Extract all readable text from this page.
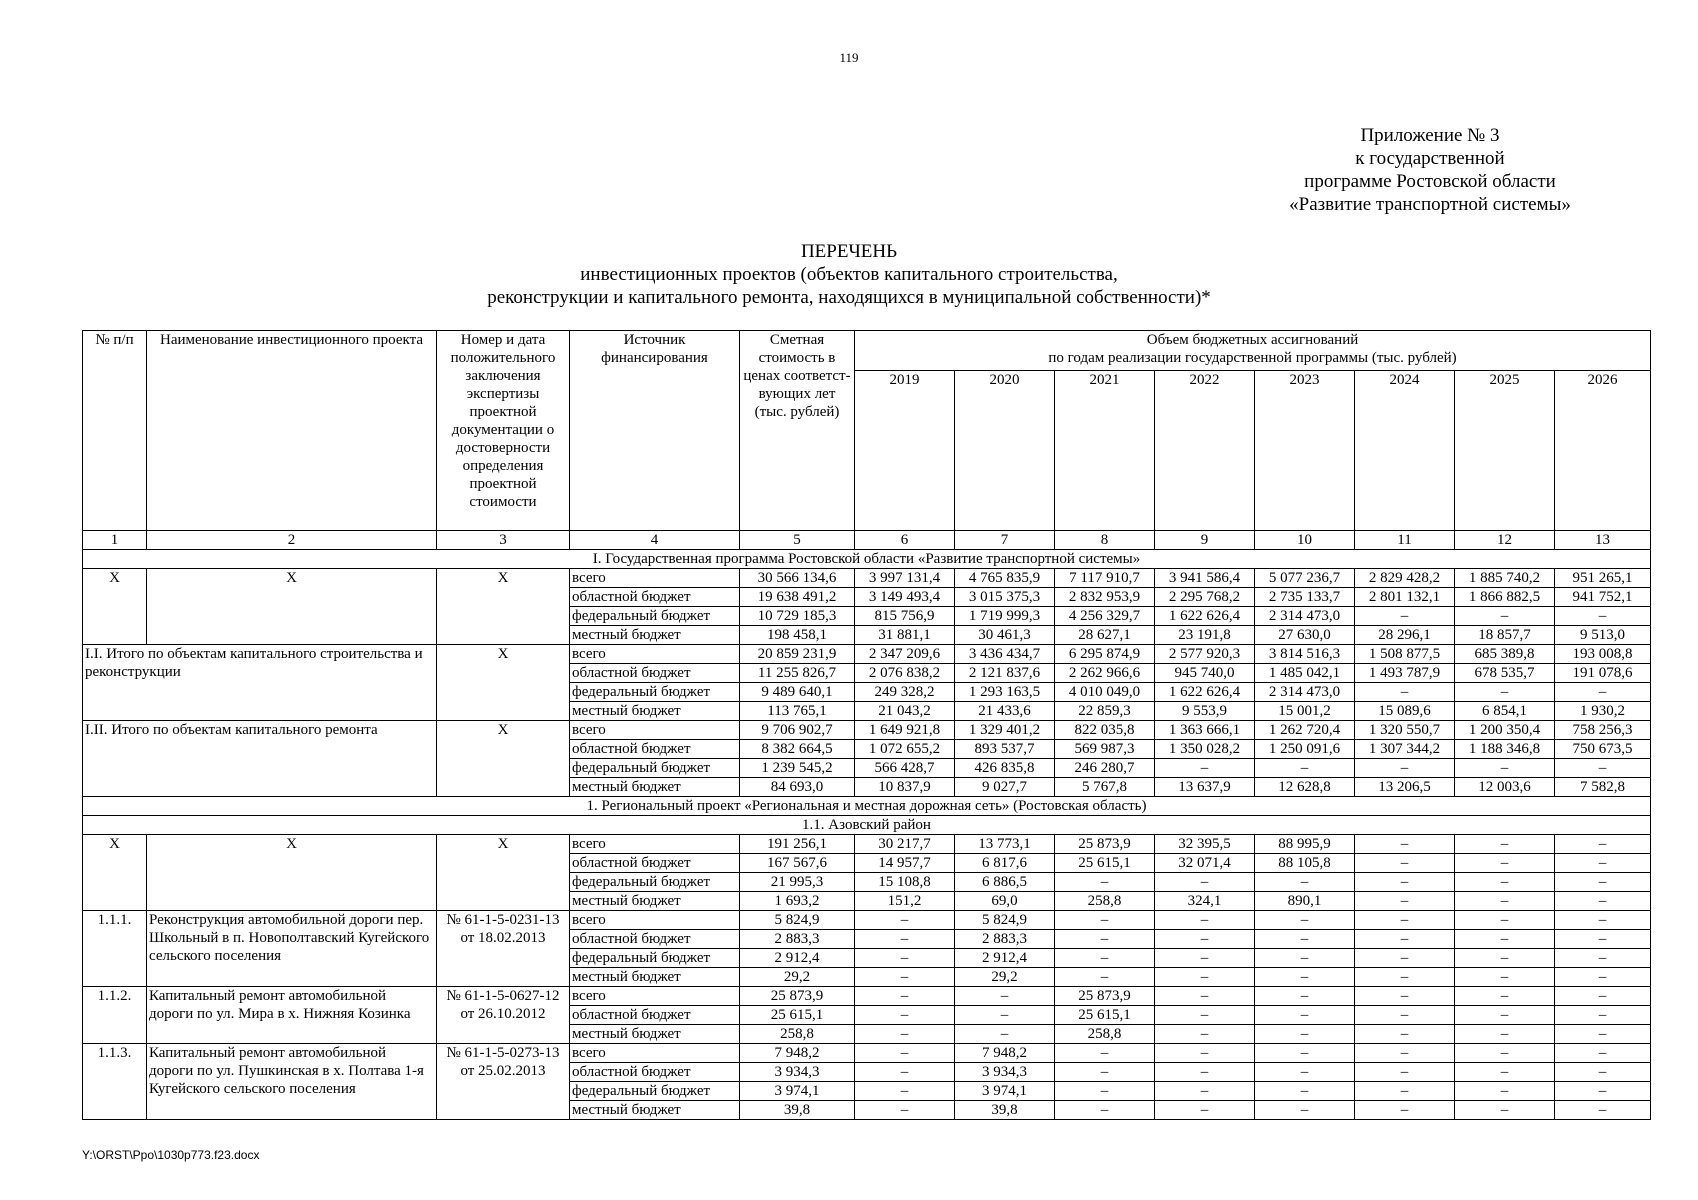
119
Приложение № 3
к государственной
программе Ростовской области
«Развитие транспортной системы»
ПЕРЕЧЕНЬ
инвестиционных проектов (объектов капитального строительства,
реконструкции и капитального ремонта, находящихся в муниципальной собственности)*
№ п/п	Наименование инвестиционного проекта	Номер и дата положительного заключения экспертизы проектной документации о достоверности определения проектной стоимости	Источник финансирования	Сметная стоимость в ценах соответст-вующих лет (тыс. рублей)	Объем бюджетных ассигнований
по годам реализации государственной программы (тыс. рублей)							

					2019	2020	2021	2022	2023	2024	2025	2026
1	2	3	4	5	6	7	8	9	10	11	12	13
I. Государственная программа Ростовской области «Развитие транспортной системы»												
Х	Х	Х	всего	30 566 134,6	3 997 131,4	4 765 835,9	7 117 910,7	3 941 586,4	5 077 236,7	2 829 428,2	1 885 740,2	951 265,1
			областной бюджет	19 638 491,2	3 149 493,4	3 015 375,3	2 832 953,9	2 295 768,2	2 735 133,7	2 801 132,1	1 866 882,5	941 752,1
			федеральный бюджет	10 729 185,3	815 756,9	1 719 999,3	4 256 329,7	1 622 626,4	2 314 473,0	–	–	–
			местный бюджет	198 458,1	31 881,1	30 461,3	28 627,1	23 191,8	27 630,0	28 296,1	18 857,7	9 513,0
I.I. Итого по объектам капитального строительства и реконструкции		Х	всего	20 859 231,9	2 347 209,6	3 436 434,7	6 295 874,9	2 577 920,3	3 814 516,3	1 508 877,5	685 389,8	193 008,8
			областной бюджет	11 255 826,7	2 076 838,2	2 121 837,6	2 262 966,6	945 740,0	1 485 042,1	1 493 787,9	678 535,7	191 078,6
			федеральный бюджет	9 489 640,1	249 328,2	1 293 163,5	4 010 049,0	1 622 626,4	2 314 473,0	–	–	–
			местный бюджет	113 765,1	21 043,2	21 433,6	22 859,3	9 553,9	15 001,2	15 089,6	6 854,1	1 930,2
I.II. Итого по объектам капитального ремонта		Х	всего	9 706 902,7	1 649 921,8	1 329 401,2	822 035,8	1 363 666,1	1 262 720,4	1 320 550,7	1 200 350,4	758 256,3
			областной бюджет	8 382 664,5	1 072 655,2	893 537,7	569 987,3	1 350 028,2	1 250 091,6	1 307 344,2	1 188 346,8	750 673,5
			федеральный бюджет	1 239 545,2	566 428,7	426 835,8	246 280,7	–	–	–	–	–
			местный бюджет	84 693,0	10 837,9	9 027,7	5 767,8	13 637,9	12 628,8	13 206,5	12 003,6	7 582,8
1. Региональный проект «Региональная и местная дорожная сеть» (Ростовская область)												
1.1. Азовский район												
Х	Х	Х	всего	191 256,1	30 217,7	13 773,1	25 873,9	32 395,5	88 995,9	–	–	–
			областной бюджет	167 567,6	14 957,7	6 817,6	25 615,1	32 071,4	88 105,8	–	–	–
			федеральный бюджет	21 995,3	15 108,8	6 886,5	–	–	–	–	–	–
			местный бюджет	1 693,2	151,2	69,0	258,8	324,1	890,1	–	–	–
1.1.1.	Реконструкция автомобильной дороги пер. Школьный в п. Новополтавский Кугейского сельского поселения	№ 61-1-5-0231-13 от 18.02.2013	всего	5 824,9	–	5 824,9	–	–	–	–	–	–
			областной бюджет	2 883,3	–	2 883,3	–	–	–	–	–	–
			федеральный бюджет	2 912,4	–	2 912,4	–	–	–	–	–	–
			местный бюджет	29,2	–	29,2	–	–	–	–	–	–
1.1.2.	Капитальный ремонт автомобильной дороги по ул. Мира в х. Нижняя Козинка	№ 61-1-5-0627-12 от 26.10.2012	всего	25 873,9	–	–	25 873,9	–	–	–	–	–
			областной бюджет	25 615,1	–	–	25 615,1	–	–	–	–	–
			местный бюджет	258,8	–	–	258,8	–	–	–	–	–
1.1.3.	Капитальный ремонт автомобильной дороги по ул. Пушкинская в х. Полтава 1-я Кугейского сельского поселения	№ 61-1-5-0273-13 от 25.02.2013	всего	7 948,2	–	7 948,2	–	–	–	–	–	–
			областной бюджет	3 934,3	–	3 934,3	–	–	–	–	–	–
			федеральный бюджет	3 974,1	–	3 974,1	–	–	–	–	–	–
			местный бюджет	39,8	–	39,8	–	–	–	–	–	–
Y:\ORST\Ppo\1030p773.f23.docx
